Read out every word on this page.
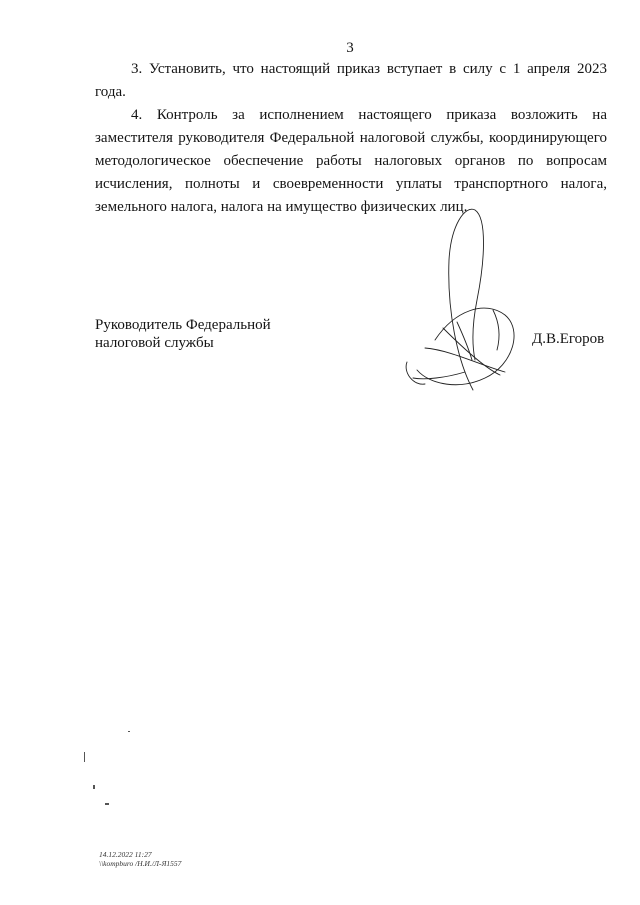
3

3. Установить, что настоящий приказ вступает в силу с 1 апреля 2023 года.

4. Контроль за исполнением настоящего приказа возложить на заместителя руководителя Федеральной налоговой службы, координирующего методологическое обеспечение работы налоговых органов по вопросам исчисления, полноты и своевременности уплаты транспортного налога, земельного налога, налога на имущество физических лиц.

Руководитель Федеральной
налоговой службы	Д.В.Егоров
14.12.2022 11:27
\\kompburo /Н.И./Л-Я1557
